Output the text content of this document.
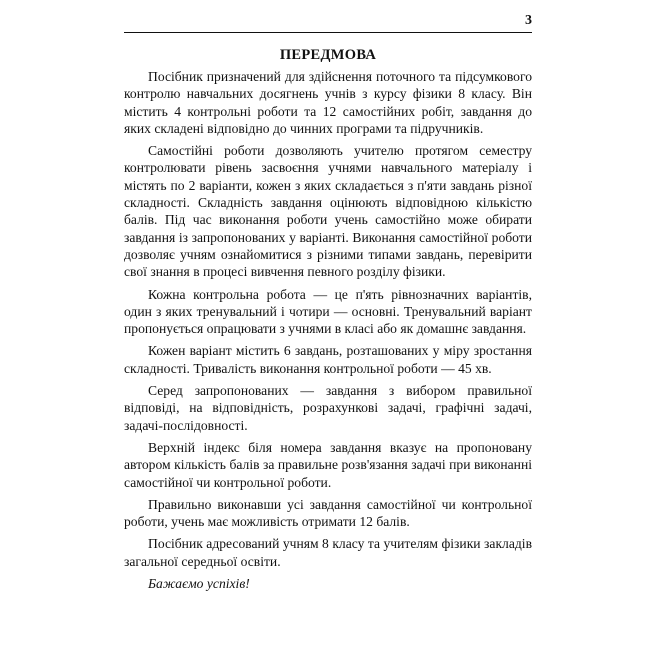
3
ПЕРЕДМОВА

Посібник призначений для здійснення поточного та підсумкового контролю навчальних досягнень учнів з курсу фізики 8 класу. Він містить 4 контрольні роботи та 12 самостійних робіт, завдання до яких складені відповідно до чинних програми та підручників.

Самостійні роботи дозволяють учителю протягом семестру контролювати рівень засвоєння учнями навчального матеріалу і містять по 2 варіанти, кожен з яких складається з п'яти завдань різної складності. Складність завдання оцінюють відповідною кількістю балів. Під час виконання роботи учень самостійно може обирати завдання із запропонованих у варіанті. Виконання самостійної роботи дозволяє учням ознайомитися з різними типами завдань, перевірити свої знання в процесі вивчення певного розділу фізики.

Кожна контрольна робота — це п'ять рівнозначних варіантів, один з яких тренувальний і чотири — основні. Тренувальний варіант пропонується опрацювати з учнями в класі або як домашнє завдання.

Кожен варіант містить 6 завдань, розташованих у міру зростання складності. Тривалість виконання контрольної роботи — 45 хв.

Серед запропонованих — завдання з вибором правильної відповіді, на відповідність, розрахункові задачі, графічні задачі, задачі-послідовності.

Верхній індекс біля номера завдання вказує на пропоновану автором кількість балів за правильне розв'язання задачі при виконанні самостійної чи контрольної роботи.

Правильно виконавши усі завдання самостійної чи контрольної роботи, учень має можливість отримати 12 балів.

Посібник адресований учням 8 класу та учителям фізики закладів загальної середньої освіти.

Бажаємо успіхів!
